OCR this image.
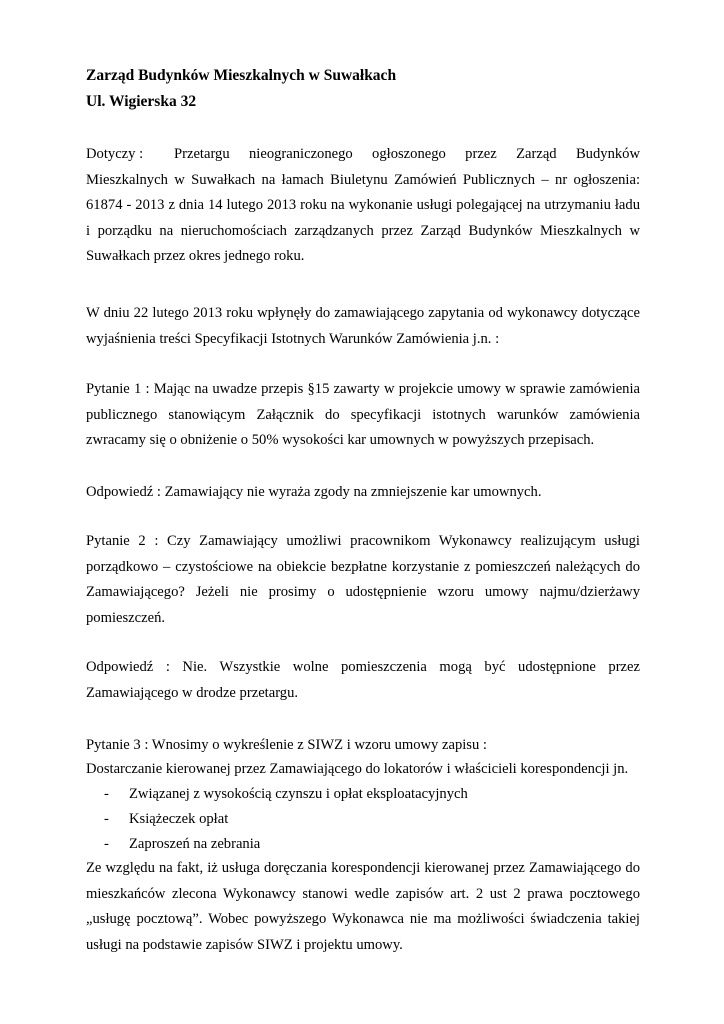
Zarząd Budynków Mieszkalnych w Suwałkach
Ul. Wigierska 32
Dotyczy : Przetargu nieograniczonego ogłoszonego przez Zarząd Budynków Mieszkalnych w Suwałkach na łamach Biuletynu Zamówień Publicznych – nr ogłoszenia: 61874 - 2013 z dnia 14 lutego 2013 roku na wykonanie usługi polegającej na utrzymaniu ładu i porządku na nieruchomościach zarządzanych przez Zarząd Budynków Mieszkalnych w Suwałkach przez okres jednego roku.
W dniu 22 lutego 2013 roku wpłynęły do zamawiającego zapytania od wykonawcy dotyczące wyjaśnienia treści Specyfikacji Istotnych Warunków Zamówienia j.n. :
Pytanie 1 : Mając na uwadze przepis §15 zawarty w projekcie umowy w sprawie zamówienia publicznego stanowiącym Załącznik do specyfikacji istotnych warunków zamówienia zwracamy się o obniżenie o 50% wysokości kar umownych w powyższych przepisach.
Odpowiedź : Zamawiający nie wyraża zgody na zmniejszenie kar umownych.
Pytanie 2 : Czy Zamawiający umożliwi pracownikom Wykonawcy realizującym usługi porządkowo – czystościowe na obiekcie bezpłatne korzystanie z pomieszczeń należących do Zamawiającego? Jeżeli nie prosimy o udostępnienie wzoru umowy najmu/dzierżawy pomieszczeń.
Odpowiedź : Nie. Wszystkie wolne pomieszczenia mogą być udostępnione przez Zamawiającego w drodze przetargu.
Pytanie 3 : Wnosimy o wykreślenie z SIWZ i wzoru umowy zapisu :
Dostarczanie kierowanej przez Zamawiającego do lokatorów i właścicieli korespondencji jn.
- Związanej z wysokością czynszu i opłat eksploatacyjnych
- Książeczek opłat
- Zaproszeń na zebrania
Ze względu na fakt, iż usługa doręczania korespondencji kierowanej przez Zamawiającego do mieszkańców zlecona Wykonawcy stanowi wedle zapisów art. 2 ust 2 prawa pocztowego „usługę pocztową”. Wobec powyższego Wykonawca nie ma możliwości świadczenia takiej usługi na podstawie zapisów SIWZ i projektu umowy.
